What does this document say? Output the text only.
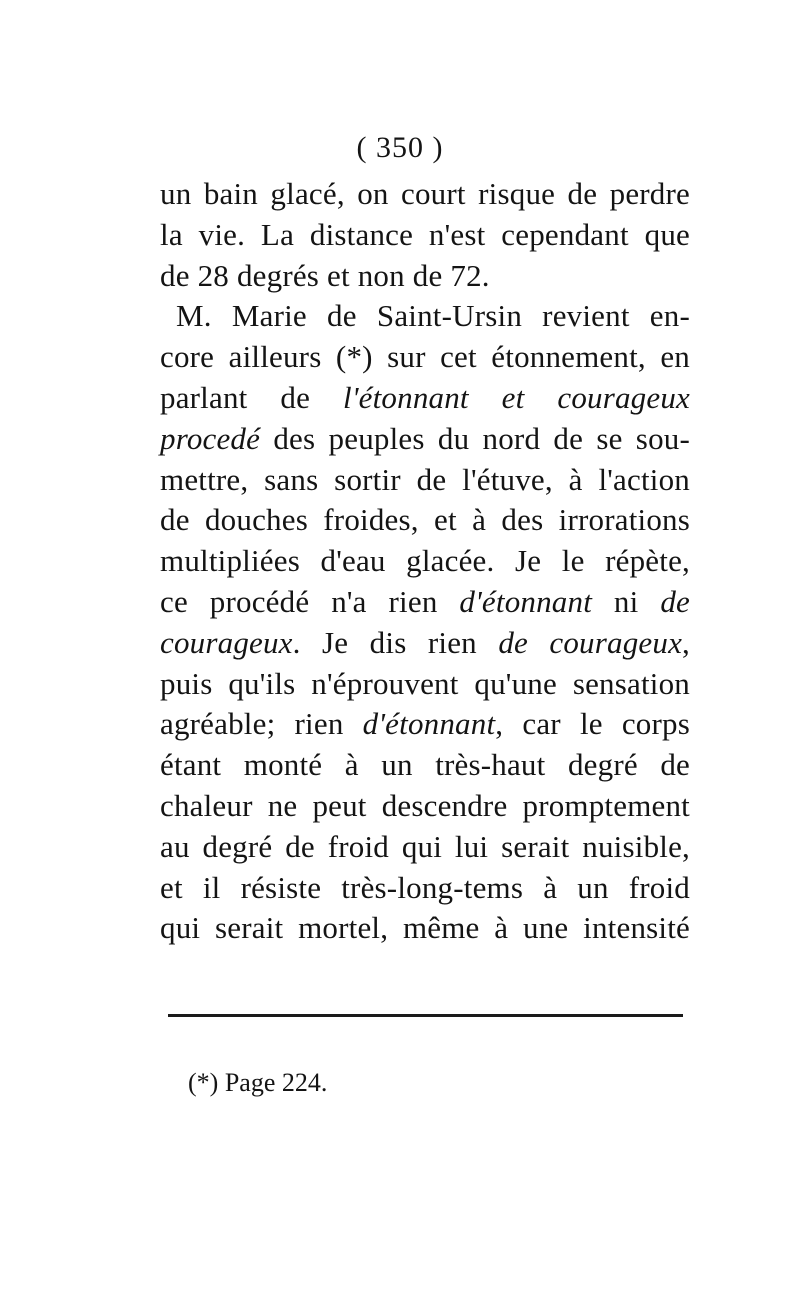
( 350 )
un bain glacé, on court risque de perdre
la vie. La distance n'est cependant que
de 28 degrés et non de 72.
M. Marie de Saint-Ursin revient en-
core ailleurs (*) sur cet étonnement, en
parlant de l'étonnant et courageux
procedé des peuples du nord de se sou-
mettre, sans sortir de l'étuve, à l'action
de douches froides, et à des irrorations
multipliées d'eau glacée. Je le répète,
ce procédé n'a rien d'étonnant ni de
courageux. Je dis rien de courageux,
puis qu'ils n'éprouvent qu'une sensation
agréable; rien d'étonnant, car le corps
étant monté à un très-haut degré de
chaleur ne peut descendre promptement
au degré de froid qui lui serait nuisible,
et il résiste très-long-tems à un froid
qui serait mortel, même à une intensité
(*) Page 224.
